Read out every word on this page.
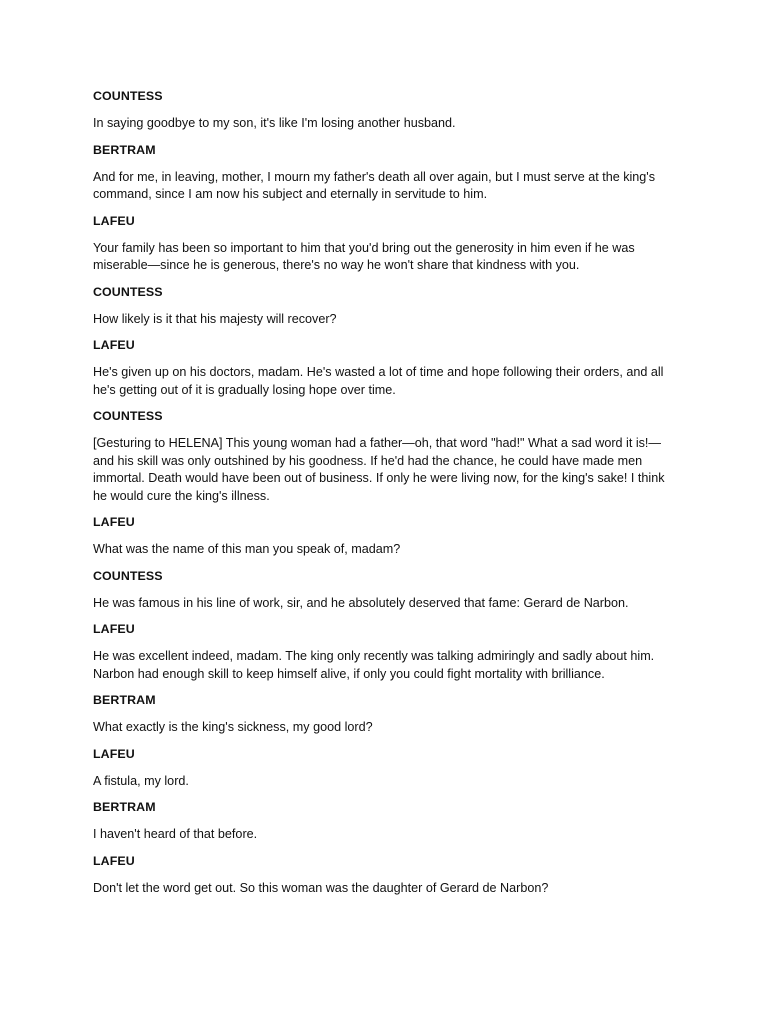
COUNTESS

In saying goodbye to my son, it's like I'm losing another husband.

BERTRAM

And for me, in leaving, mother, I mourn my father's death all over again, but I must serve at the king's command, since I am now his subject and eternally in servitude to him.

LAFEU

Your family has been so important to him that you'd bring out the generosity in him even if he was miserable—since he is generous, there's no way he won't share that kindness with you.

COUNTESS

How likely is it that his majesty will recover?

LAFEU

He's given up on his doctors, madam. He's wasted a lot of time and hope following their orders, and all he's getting out of it is gradually losing hope over time.

COUNTESS

[Gesturing to HELENA] This young woman had a father—oh, that word "had!" What a sad word it is!—and his skill was only outshined by his goodness. If he'd had the chance, he could have made men immortal. Death would have been out of business. If only he were living now, for the king's sake! I think he would cure the king's illness.

LAFEU

What was the name of this man you speak of, madam?

COUNTESS

He was famous in his line of work, sir, and he absolutely deserved that fame: Gerard de Narbon.

LAFEU

He was excellent indeed, madam. The king only recently was talking admiringly and sadly about him. Narbon had enough skill to keep himself alive, if only you could fight mortality with brilliance.

BERTRAM

What exactly is the king's sickness, my good lord?

LAFEU

A fistula, my lord.

BERTRAM

I haven't heard of that before.

LAFEU

Don't let the word get out. So this woman was the daughter of Gerard de Narbon?
